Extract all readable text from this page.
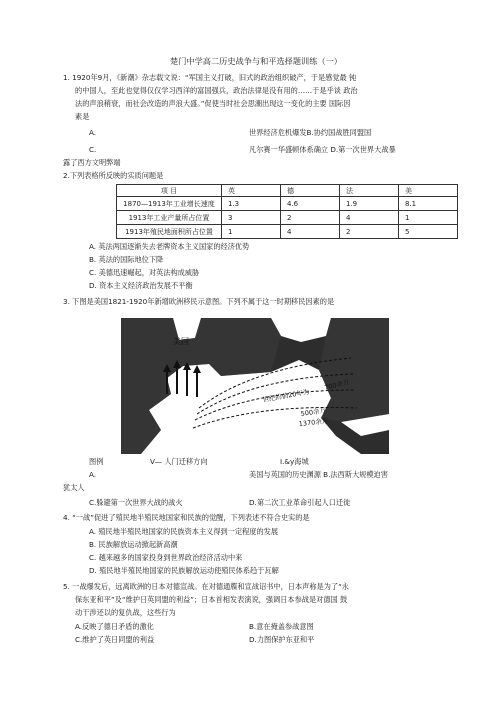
楚门中学高二历史战争与和平选择题训练（一）
1. 1920年9月，《新潮》杂志载文说：“军国主义打破，旧式的政治组织破产，于是感觉最 钝
的中国人，至此也觉得仅仅学习西洋的富国强兵，政治法律是没有用的……于是乎谈 政治
法的声浪稍衰，而社会改造的声浪大盛。”促使当时社会思潮出现这一变化的主要 国际因
素是
A.	世界经济危机爆发B.协约国战胜同盟国
C.	凡尔赛一华盛顿体系确立 D.第一次世界大战暴
露了西方文明弊端
2.下列表格所反映的实质问题是
项 目	英	德	法	美
1870—1913年工业增长速度	1.3	4.6	1.9	8.1
1913年工业产量所占位置	3	2	4	1
1913年殖民地面积所占位置	1	4	2	5
A. 英法两国逐渐失去老牌资本主义国家的经济优势
B. 英法的国际地位下降
C. 美德迅速崛起，对英法构成威胁
D. 资本主义经济政治发展不平衡
3. 下图是美国1821-1920年新增欧洲移民示意图。下列不属于这一时期移民因素的是
美国
世纪的前20年为
700余万
500余万
1370余万
图例	V— 人门迁移方向	I.&y海城
A.	美国与英国的历史渊源 B.法西斯大规模迫害
犹太人
C.躲避第一次世界大战的战火	D.第二次工业革命引起人口迁徙
4. “一战”促进了殖民地半殖民地国家和民族的觉醒，下列表述不符合史实的是
A. 殖民地半殖民地国家的民族资本主义得到一定程度的发展
B. 民族解放运动掀起新高潮
C. 越来越多的国家投身到世界政治经济活动中来
D. 殖民地半殖民地国家的民族解放运动使殖民体系趋于瓦解
5. 一战爆发后，远离欧洲的日本对德宣战。在对德通牒和宣战诏书中，日本声称是为了“永
保东亚和平”及“维护日英同盟的利益”；日本首相发表演说，强调日本参战是对德国 鼓
动干涉还以的复仇战，这些行为
A.反映了德日矛盾的激化	B.意在掩盖参战意图
C.维护了英日同盟的利益	D.力图保护东亚和平
